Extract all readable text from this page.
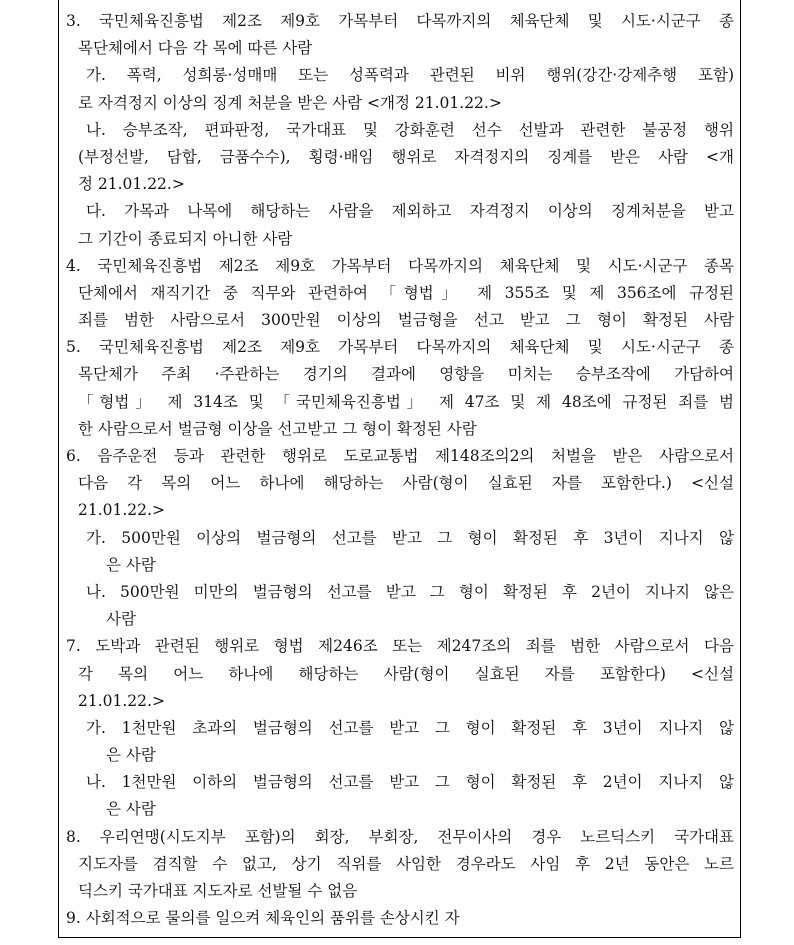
3. 국민체육진흥법 제2조 제9호 가목부터 다목까지의 체육단체 및 시도·시군구 종
목단체에서 다음 각 목에 따른 사람
가. 폭력, 성희롱·성매매 또는 성폭력과 관련된 비위 행위(강간·강제추행 포함)
로 자격정지 이상의 징계 처분을 받은 사람 <개정 21.01.22.>
나. 승부조작, 편파판정, 국가대표 및 강화훈련 선수 선발과 관련한 불공정 행위
(부정선발, 담합, 금품수수), 횡령·배임 행위로 자격정지의 징계를 받은 사람 <개
정 21.01.22.>
다. 가목과 나목에 해당하는 사람을 제외하고 자격정지 이상의 징계처분을 받고
그 기간이 종료되지 아니한 사람
4. 국민체육진흥법 제2조 제9호 가목부터 다목까지의 체육단체 및 시도·시군구 종목
단체에서 재직기간 중 직무와 관련하여 「형법」 제 355조 및 제 356조에 규정된
죄를 범한 사람으로서 300만원 이상의 벌금형을 선고 받고 그 형이 확정된 사람
5. 국민체육진흥법 제2조 제9호 가목부터 다목까지의 체육단체 및 시도·시군구 종
목단체가 주최 ·주관하는 경기의 결과에 영향을 미치는 승부조작에 가담하여
「형법」 제 314조 및 「국민체육진흥법」 제 47조 및 제 48조에 규정된 죄를 범
한 사람으로서 벌금형 이상을 선고받고 그 형이 확정된 사람
6. 음주운전 등과 관련한 행위로 도로교통법 제148조의2의 처벌을 받은 사람으로서
다음 각 목의 어느 하나에 해당하는 사람(형이 실효된 자를 포함한다.) <신설
21.01.22.>
가. 500만원 이상의 벌금형의 선고를 받고 그 형이 확정된 후 3년이 지나지 않
은 사람
나. 500만원 미만의 벌금형의 선고를 받고 그 형이 확정된 후 2년이 지나지 않은
사람
7. 도박과 관련된 행위로 형법 제246조 또는 제247조의 죄를 범한 사람으로서 다음
각 목의 어느 하나에 해당하는 사람(형이 실효된 자를 포함한다) <신설
21.01.22.>
가. 1천만원 초과의 벌금형의 선고를 받고 그 형이 확정된 후 3년이 지나지 않
은 사람
나. 1천만원 이하의 벌금형의 선고를 받고 그 형이 확정된 후 2년이 지나지 않
은 사람
8. 우리연맹(시도지부 포함)의 회장, 부회장, 전무이사의 경우 노르딕스키 국가대표
지도자를 겸직할 수 없고, 상기 직위를 사임한 경우라도 사임 후 2년 동안은 노르
딕스키 국가대표 지도자로 선발될 수 없음
9. 사회적으로 물의를 일으켜 체육인의 품위를 손상시킨 자
